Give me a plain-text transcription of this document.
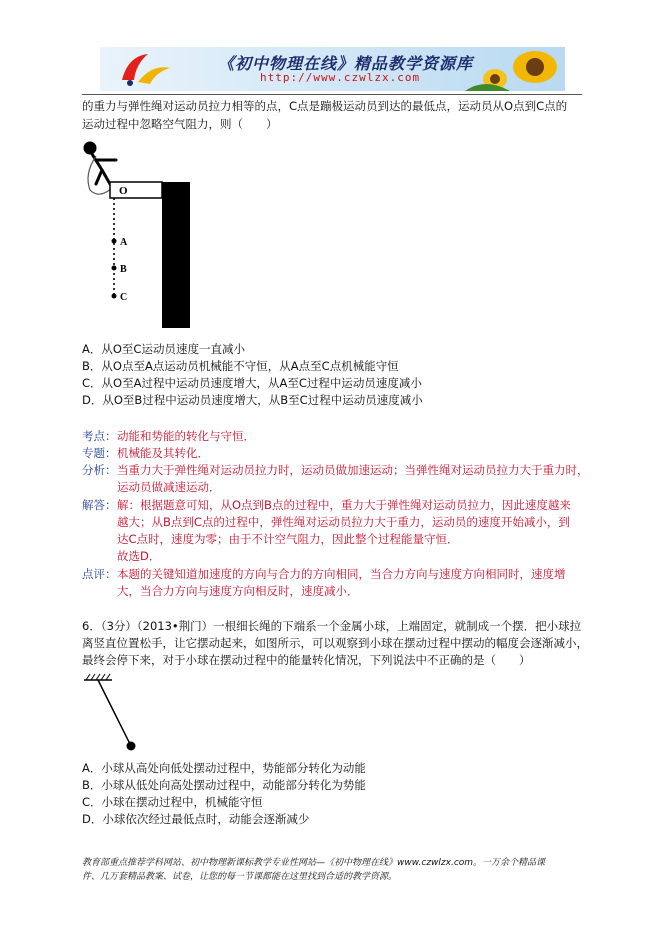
《初中物理在线》精品教学资源库
http://www.czwlzx.com
的重力与弹性绳对运动员拉力相等的点，C点是蹦极运动员到达的最低点，运动员从O点到C点的
运动过程中忽略空气阻力，则（　　）
O
A
B
C
A．从O至C运动员速度一直减小
B．从O点至A点运动员机械能不守恒，从A点至C点机械能守恒
C．从O至A过程中运动员速度增大，从A至C过程中运动员速度减小
D．从O至B过程中运动员速度增大，从B至C过程中运动员速度减小
考点： 动能和势能的转化与守恒．
专题： 机械能及其转化．
分析： 当重力大于弹性绳对运动员拉力时，运动员做加速运动；当弹性绳对运动员拉力大于重力时，
运动员做减速运动．
解答： 解：根据题意可知，从O点到B点的过程中，重力大于弹性绳对运动员拉力，因此速度越来
越大；从B点到C点的过程中，弹性绳对运动员拉力大于重力，运动员的速度开始减小，到
达C点时，速度为零；由于不计空气阻力，因此整个过程能量守恒．
故选D．
点评： 本题的关键知道加速度的方向与合力的方向相同，当合力方向与速度方向相同时，速度增
大，当合力方向与速度方向相反时，速度减小．
6．（3分）（2013•荆门）一根细长绳的下端系一个金属小球，上端固定，就制成一个摆．把小球拉
离竖直位置松手，让它摆动起来，如图所示，可以观察到小球在摆动过程中摆动的幅度会逐渐减小，
最终会停下来，对于小球在摆动过程中的能量转化情况，下列说法中不正确的是（　　）
A．小球从高处向低处摆动过程中，势能部分转化为动能
B．小球从低处向高处摆动过程中，动能部分转化为势能
C．小球在摆动过程中，机械能守恒
D．小球依次经过最低点时，动能会逐渐减少
教育部重点推荐学科网站、初中物理新课标教学专业性网站—《初中物理在线》www.czwlzx.com。一万余个精品课
件、几万套精品教案、试卷，让您的每一节课都能在这里找到合适的教学资源。
